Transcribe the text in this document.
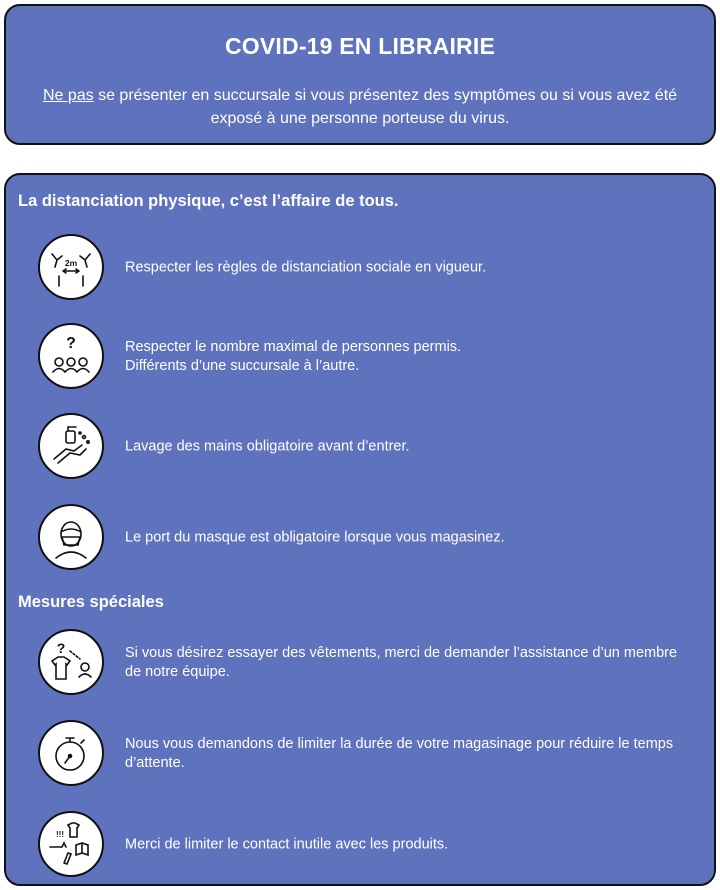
COVID-19 EN LIBRAIRIE

Ne pas se présenter en succursale si vous présentez des symptômes ou si vous avez été exposé à une personne porteuse du virus.

La distanciation physique, c’est l’affaire de tous.
2m	Respecter les règles de distanciation sociale en vigueur.
?	Respecter le nombre maximal de personnes permis.
Différents d’une succursale à l’autre.
Lavage des mains obligatoire avant d’entrer.
Le port du masque est obligatoire lorsque vous magasinez.
Mesures spéciales
?	Si vous désirez essayer des vêtements, merci de demander l’assistance d’un membre de notre équipe.
Nous vous demandons de limiter la durée de votre magasinage pour réduire le temps d’attente.
!!!
Merci de limiter le contact inutile avec les produits.
